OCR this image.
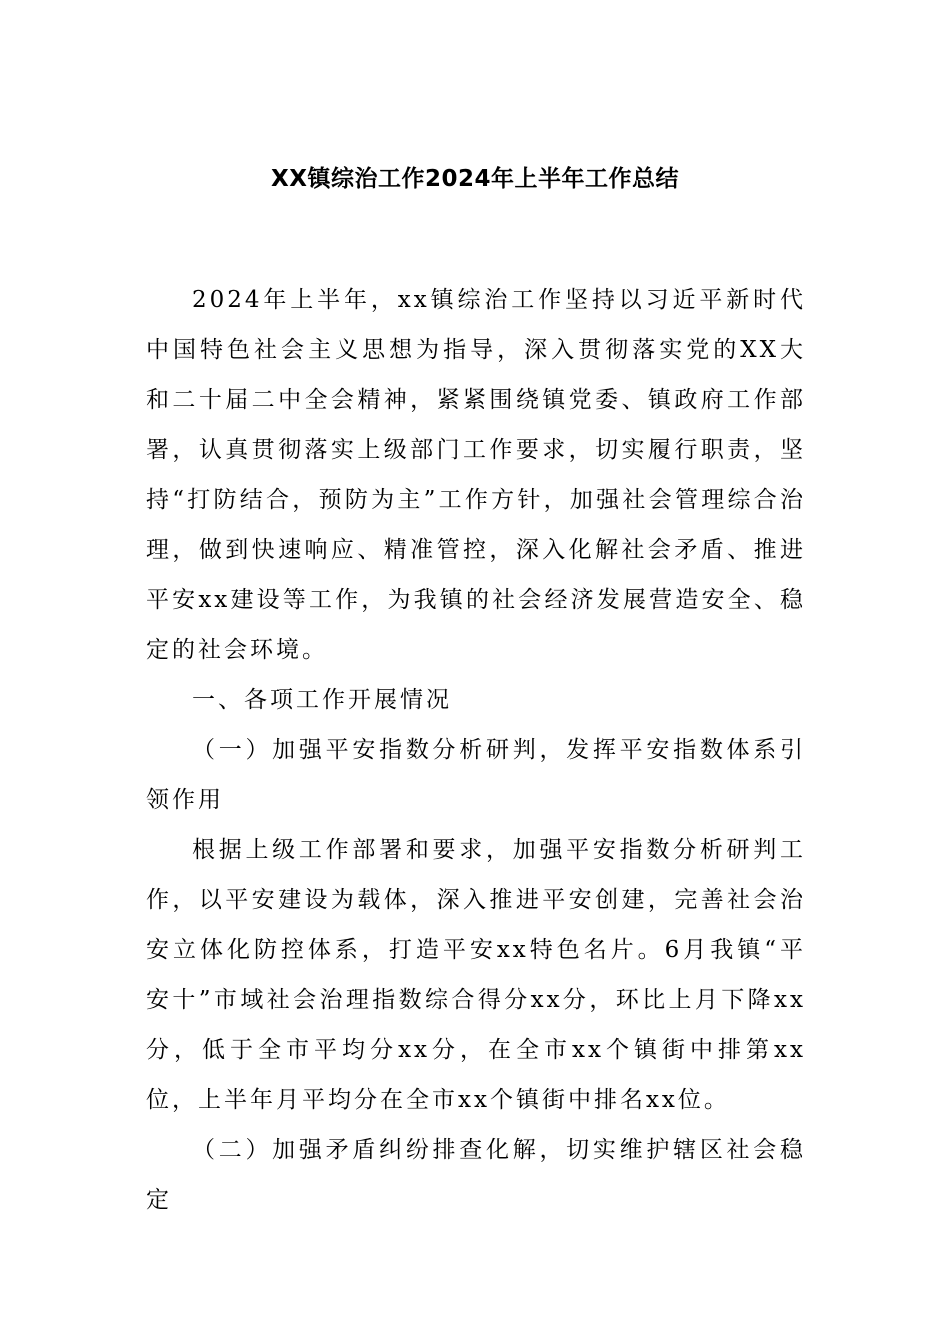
XX镇综治工作2024年上半年工作总结

2024年上半年，xx镇综治工作坚持以习近平新时代中国特色社会主义思想为指导，深入贯彻落实党的XX大和二十届二中全会精神，紧紧围绕镇党委、镇政府工作部署，认真贯彻落实上级部门工作要求，切实履行职责，坚持“打防结合，预防为主”工作方针，加强社会管理综合治理，做到快速响应、精准管控，深入化解社会矛盾、推进平安xx建设等工作，为我镇的社会经济发展营造安全、稳定的社会环境。

一、各项工作开展情况

（一）加强平安指数分析研判，发挥平安指数体系引领作用

根据上级工作部署和要求，加强平安指数分析研判工作，以平安建设为载体，深入推进平安创建，完善社会治安立体化防控体系，打造平安xx特色名片。6月我镇“平安十”市域社会治理指数综合得分xx分，环比上月下降xx分，低于全市平均分xx分，在全市xx个镇街中排第xx位，上半年月平均分在全市xx个镇街中排名xx位。

（二）加强矛盾纠纷排查化解，切实维护辖区社会稳定
